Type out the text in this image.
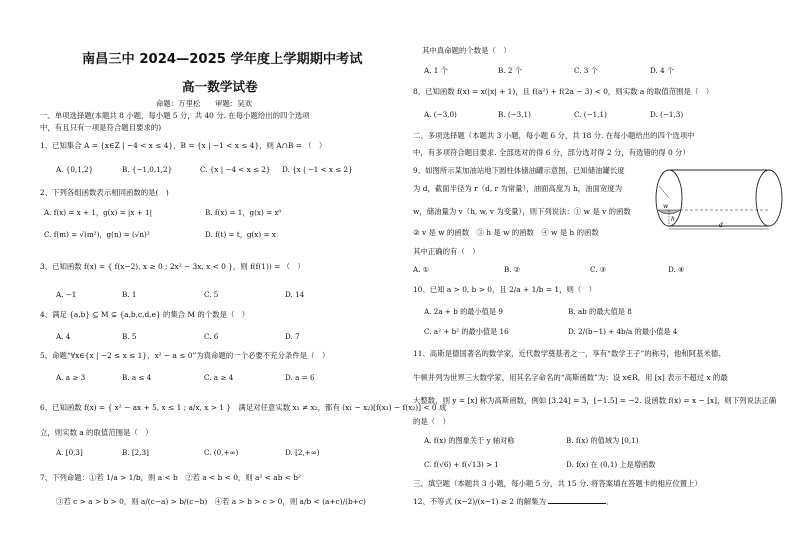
南昌三中 2024—2025 学年度上学期期中考试
高一数学试卷
命题：万里松　　审题：吴欢
一、单项选择题(本题共 8 小题，每小题 5 分，共 40 分. 在每小题给出的四个选项
中，有且只有一项是符合题目要求的)
1、已知集合 A = {x∈Z | −4 < x ≤ 4}，B = {x | −1 < x ≤ 4}，则 A∩B = （　）
A. {0,1,2}	B. {−1,0,1,2}	C. {x | −4 < x ≤ 2} D. {x | −1 < x ≤ 2}
2、下列各组函数表示相同函数的是(　)
A. f(x) = x + 1，g(x) = |x + 1|	B. f(x) = 1，g(x) = x⁰
C. f(m) = √(m²)，g(n) = (√n)²	D. f(t) = t，g(x) = x
3、已知函数 f(x) = { f(x−2), x ≥ 0 ; 2x² − 3x, x < 0 }，则 f(f(1)) = （　）
A. −1	B. 1	C. 5	D. 14
4、满足 {a,b} ⊆ M ⊊ {a,b,c,d,e} 的集合 M 的个数是（　）
A. 4	B. 5	C. 6	D. 7
5、命题“∀x∈{x | −2 ≤ x ≤ 1}，x² − a ≤ 0”为真命题的一个必要不充分条件是（　）
A. a ≥ 3	B. a ≤ 4	C. a ≥ 4	D. a = 6
6、已知函数 f(x) = { x² − ax + 5, x ≤ 1 ; a/x, x > 1 }　满足对任意实数 x₁ ≠ x₂，都有 (x₁ − x₂)[f(x₁) − f(x₂)] < 0 成
立，则实数 a 的取值范围是（　）
A. [0,3]	B. [2,3]	C. (0,+∞)	D. [2,+∞)
7、下列命题：①若 1/a > 1/b，则 a < b　②若 a < b < 0，则 a² < ab < b²
③若 c > a > b > 0，则 a/(c−a) > b/(c−b)　④若 a > b > c > 0，则 a/b < (a+c)/(b+c)
其中真命题的个数是（　）
A. 1 个	B. 2 个	C. 3 个	D. 4 个
8、已知函数 f(x) = x(|x| + 1)，且 f(a²) + f(2a − 3) < 0，则实数 a 的取值范围是（　）
A. (−3,0)	B. (−3,1)	C. (−1,1)	D. (−1,3)
二、多项选择题（本题共 3 小题，每小题 6 分，共 18 分. 在每小题给出的四个选项中
中，有多项符合题目要求. 全部选对的得 6 分，部分选对得 2 分，有选错的得 0 分）
9、如图所示某加油站地下圆柱体储油罐示意图，已知储油罐长度
为 d，截面半径为 r（d, r 为常量），油面高度为 h，油面宽度为
w，储油量为 v（h, w, v 为变量），则下列说法：① w 是 v 的函数
② v 是 w 的函数　③ h 是 w 的函数　④ w 是 h 的函数
其中正确的有（　）
A. ①	B. ②	C. ③	D. ④
h
w
d
10、已知 a > 0, b > 0，且 2/a + 1/b = 1，则（　）
A. 2a + b 的最小值是 9	B. ab 的最大值是 8
C. a² + b² 的最小值是 16	D. 2/(b−1) + 4b/a 的最小值是 4
11、高斯是德国著名的数学家，近代数学奠基者之一，享有“数学王子”的称号，他和阿基米德、
牛顿并列为世界三大数学家，用其名字命名的“高斯函数”为：设 x∈R，用 [x] 表示不超过 x 的最
大整数，则 y = [x] 称为高斯函数，例如 [3.24] = 3，[−1.5] = −2. 设函数 f(x) = x − [x]，则下列说法正确
的是（　）
A. f(x) 的图象关于 y 轴对称	B. f(x) 的值域为 [0,1)
C. f(√6) + f(√13) > 1	D. f(x) 在 (0,1) 上是增函数
三、填空题（本题共 3 小题，每小题 5 分，共 15 分. 将答案填在答题卡的相应位置上）
12、不等式 (x−2)/(x−1) ≥ 2 的解集为	．
